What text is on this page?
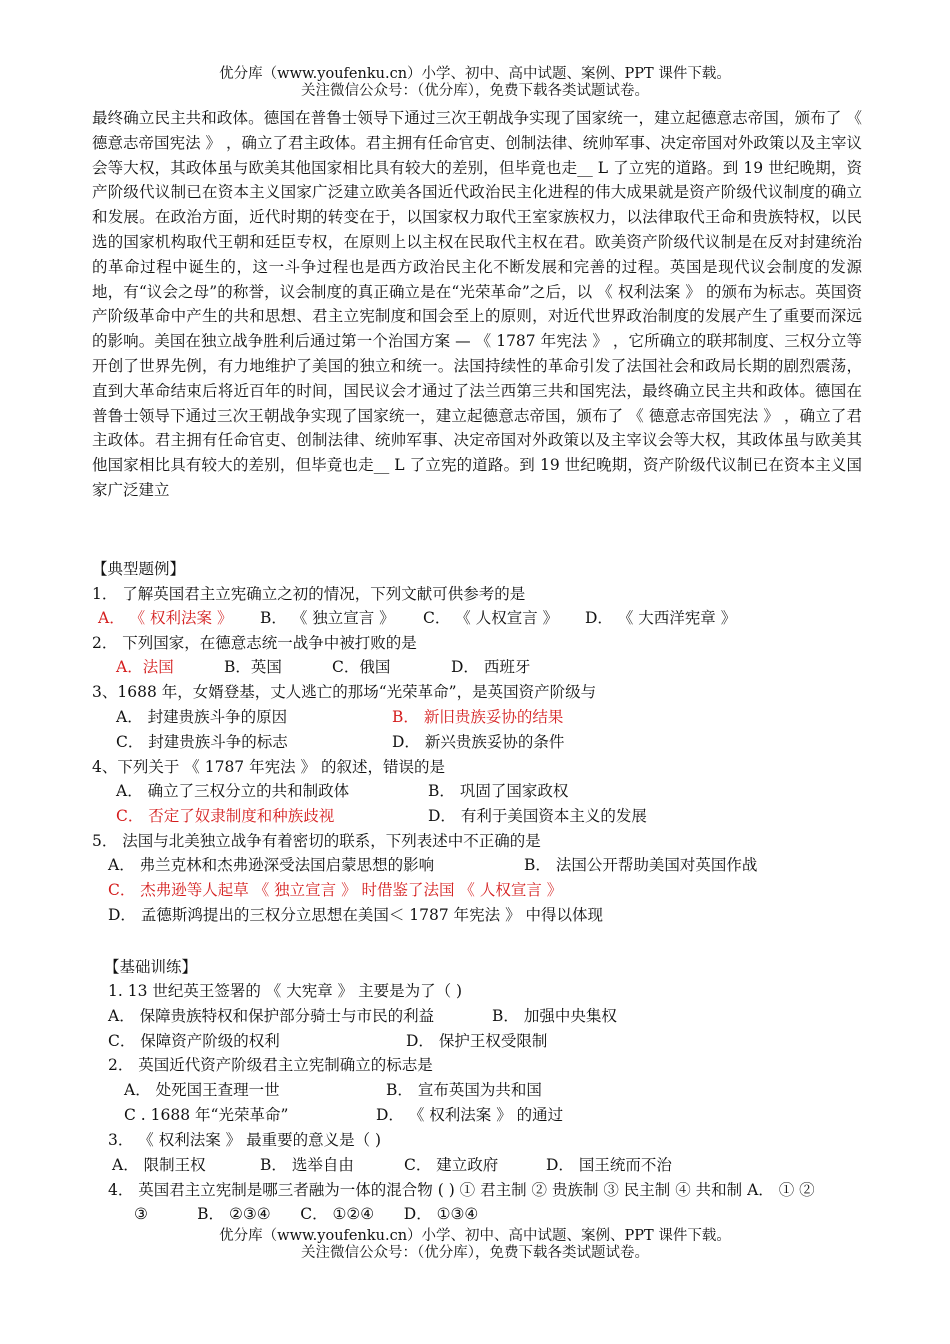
优分库（www.youfenku.cn）小学、初中、高中试题、案例、PPT 课件下载。
关注微信公众号：（优分库），免费下载各类试题试卷。

最终确立民主共和政体。德国在普鲁士领导下通过三次王朝战争实现了国家统一，建立起德意志帝国，颁布了 《 德意志帝国宪法 》 ，确立了君主政体。君主拥有任命官吏、创制法律、统帅军事、决定帝国对外政策以及主宰议会等大权，其政体虽与欧美其他国家相比具有较大的差别，但毕竟也走__ L 了立宪的道路。到 19 世纪晚期，资产阶级代议制已在资本主义国家广泛建立欧美各国近代政治民主化进程的伟大成果就是资产阶级代议制度的确立和发展。在政治方面，近代时期的转变在于，以国家权力取代王室家族权力，以法律取代王命和贵族特权，以民选的国家机构取代王朝和廷臣专权，在原则上以主权在民取代主权在君。欧美资产阶级代议制是在反对封建统治的革命过程中诞生的，这一斗争过程也是西方政治民主化不断发展和完善的过程。英国是现代议会制度的发源地，有“议会之母”的称誉，议会制度的真正确立是在“光荣革命”之后，以 《 权利法案 》 的颁布为标志。英国资产阶级革命中产生的共和思想、君主立宪制度和国会至上的原则，对近代世界政治制度的发展产生了重要而深远的影响。美国在独立战争胜利后通过第一个治国方案 — 《 1787 年宪法 》 ，它所确立的联邦制度、三权分立等开创了世界先例，有力地维护了美国的独立和统一。法国持续性的革命引发了法国社会和政局长期的剧烈震荡，直到大革命结束后将近百年的时间，国民议会才通过了法兰西第三共和国宪法，最终确立民主共和政体。德国在普鲁士领导下通过三次王朝战争实现了国家统一，建立起德意志帝国，颁布了 《 德意志帝国宪法 》 ，确立了君主政体。君主拥有任命官吏、创制法律、统帅军事、决定帝国对外政策以及主宰议会等大权，其政体虽与欧美其他国家相比具有较大的差别，但毕竟也走__ L 了立宪的道路。到 19 世纪晚期，资产阶级代议制已在资本主义国家广泛建立

【典型题例】
1． 了解英国君主立宪确立之初的情况，下列文献可供参考的是
A． 《 权利法案 》 B． 《 独立宣言 》 C． 《 人权宣言 》 D． 《 大西洋宪章 》
2． 下列国家，在德意志统一战争中被打败的是
A．法国	B．英国	C．俄国	D． 西班牙
3、1688 年，女婿登基，丈人逃亡的那场“光荣革命”，是英国资产阶级与
A． 封建贵族斗争的原因	B． 新旧贵族妥协的结果
C． 封建贵族斗争的标志	D． 新兴贵族妥协的条件
4、下列关于 《 1787 年宪法 》 的叙述，错误的是
A． 确立了三权分立的共和制政体	B． 巩固了国家政权
C． 否定了奴隶制度和种族歧视	D． 有利于美国资本主义的发展
5． 法国与北美独立战争有着密切的联系，下列表述中不正确的是
A． 弗兰克林和杰弗逊深受法国启蒙思想的影响	B． 法国公开帮助美国对英国作战
C． 杰弗逊等人起草 《 独立宣言 》 时借鉴了法国 《 人权宣言 》
D． 孟德斯鸿提出的三权分立思想在美国＜ 1787 年宪法 》 中得以体现
【基础训练】
1. 13 世纪英王签署的 《 大宪章 》 主要是为了（ )
A． 保障贵族特权和保护部分骑士与市民的利益	B． 加强中央集权
C． 保障资产阶级的权利	D． 保护王权受限制
2． 英国近代资产阶级君主立宪制确立的标志是
A． 处死国王查理一世	B． 宣布英国为共和国
C . 1688 年“光荣革命”	D． 《 权利法案 》 的通过
3． 《 权利法案 》 最重要的意义是（ )
A． 限制王权	B． 选举自由	C． 建立政府	D． 国王统而不治
4． 英国君主立宪制是哪三者融为一体的混合物 ( ) ① 君主制 ② 贵族制 ③ 民主制 ④ 共和制 A． ① ②
③          B． ②③④      C． ①②④      D． ①③④
优分库（www.youfenku.cn）小学、初中、高中试题、案例、PPT 课件下载。
关注微信公众号：（优分库），免费下载各类试题试卷。
